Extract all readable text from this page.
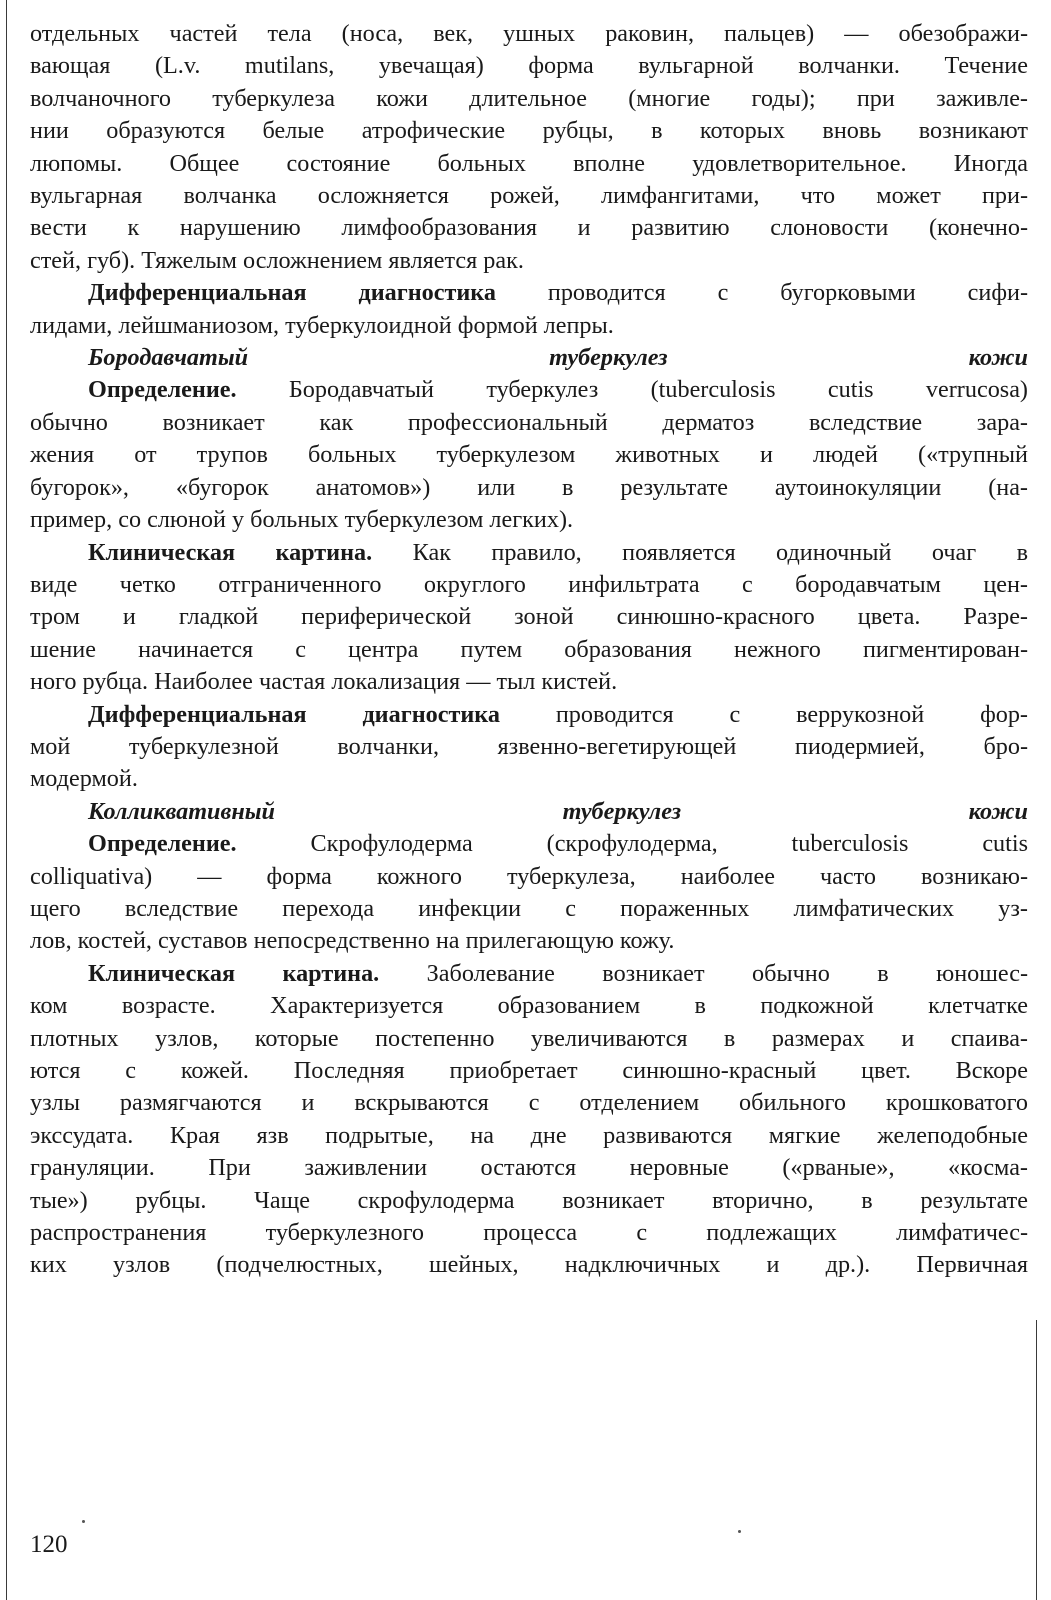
отдельных частей тела (носа, век, ушных раковин, пальцев) — обезображи-

вающая (L.v. mutilans, увечащая) форма вульгарной волчанки. Течение

волчаночного туберкулеза кожи длительное (многие годы); при заживле-

нии образуются белые атрофические рубцы, в которых вновь возникают

люпомы. Общее состояние больных вполне удовлетворительное. Иногда

вульгарная волчанка осложняется рожей, лимфангитами, что может при-

вести к нарушению лимфообразования и развитию слоновости (конечно-

стей, губ). Тяжелым осложнением является рак.

Дифференциальная диагностика проводится с бугорковыми сифи-

лидами, лейшманиозом, туберкулоидной формой лепры.

Бородавчатый туберкулез кожи

Определение. Бородавчатый туберкулез (tuberculosis cutis verrucosa)

обычно возникает как профессиональный дерматоз вследствие зара-

жения от трупов больных туберкулезом животных и людей («трупный

бугорок», «бугорок анатомов») или в результате аутоинокуляции (на-

пример, со слюной у больных туберкулезом легких).

Клиническая картина. Как правило, появляется одиночный очаг в

виде четко отграниченного округлого инфильтрата с бородавчатым цен-

тром и гладкой периферической зоной синюшно-красного цвета. Разре-

шение начинается с центра путем образования нежного пигментирован-

ного рубца. Наиболее частая локализация — тыл кистей.

Дифференциальная диагностика проводится с веррукозной фор-

мой туберкулезной волчанки, язвенно-вегетирующей пиодермией, бро-

модермой.

Колликвативный туберкулез кожи

Определение. Скрофулодерма (скрофулодерма, tuberculosis cutis

colliquativa) — форма кожного туберкулеза, наиболее часто возникаю-

щего вследствие перехода инфекции с пораженных лимфатических уз-

лов, костей, суставов непосредственно на прилегающую кожу.

Клиническая картина. Заболевание возникает обычно в юношес-

ком возрасте. Характеризуется образованием в подкожной клетчатке

плотных узлов, которые постепенно увеличиваются в размерах и спаива-

ются с кожей. Последняя приобретает синюшно-красный цвет. Вскоре

узлы размягчаются и вскрываются с отделением обильного крошковатого

экссудата. Края язв подрытые, на дне развиваются мягкие желеподобные

грануляции. При заживлении остаются неровные («рваные», «косма-

тые») рубцы. Чаще скрофулодерма возникает вторично, в результате

распространения туберкулезного процесса с подлежащих лимфатичес-

ких узлов (подчелюстных, шейных, надключичных и др.). Первичная

120
